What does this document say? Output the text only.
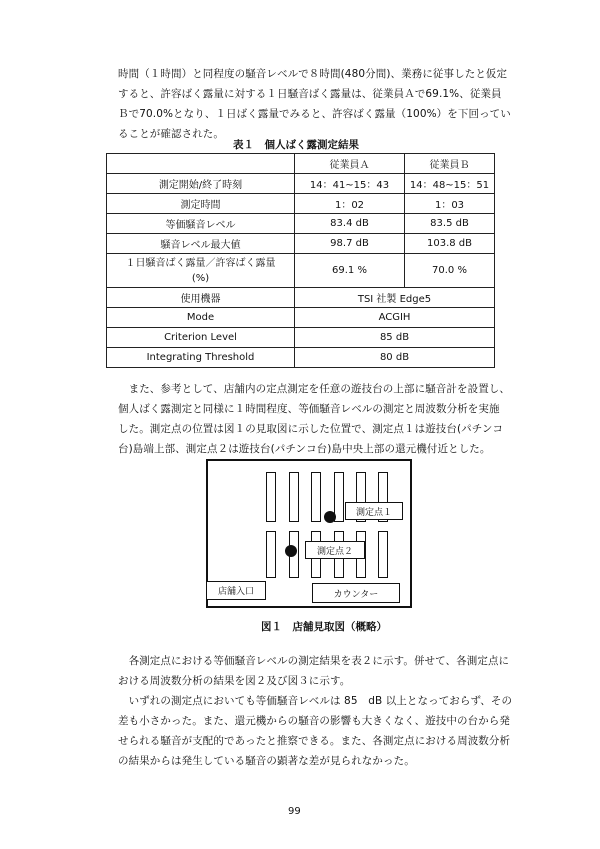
時間（１時間）と同程度の騒音レベルで８時間(480分間)、業務に従事したと仮定
すると、許容ばく露量に対する１日騒音ばく露量は、従業員Ａで69.1%、従業員
Ｂで70.0%となり、１日ばく露量でみると、許容ばく露量（100%）を下回ってい
ることが確認された。

表１　個人ばく露測定結果
	従業員Ａ	従業員Ｂ
測定開始/終了時刻	14：41~15：43	14：48~15：51
測定時間	1：02	1：03
等価騒音レベル	83.4 dB	83.5 dB
騒音レベル最大値	98.7 dB	103.8 dB

１日騒音ばく露量／許容ばく露量
(%)	69.1 %	70.0 %
使用機器	TSI 社製 Edge5	
Mode	ACGIH	
Criterion Level	85 dB	
Integrating Threshold	80 dB	

　また、参考として、店舗内の定点測定を任意の遊技台の上部に騒音計を設置し、
個人ばく露測定と同様に１時間程度、等価騒音レベルの測定と周波数分析を実施
した。測定点の位置は図１の見取図に示した位置で、測定点１は遊技台(パチンコ
台)島端上部、測定点２は遊技台(パチンコ台)島中央上部の還元機付近とした。

測定点１
測定点２
店舗入口	カウンター
図１　店舗見取図（概略）

　各測定点における等価騒音レベルの測定結果を表２に示す。併せて、各測定点に
おける周波数分析の結果を図２及び図３に示す。
　いずれの測定点においても等価騒音レベルは 85　dB 以上となっておらず、その
差も小さかった。また、還元機からの騒音の影響も大きくなく、遊技中の台から発
せられる騒音が支配的であったと推察できる。また、各測定点における周波数分析
の結果からは発生している騒音の顕著な差が見られなかった。

99
